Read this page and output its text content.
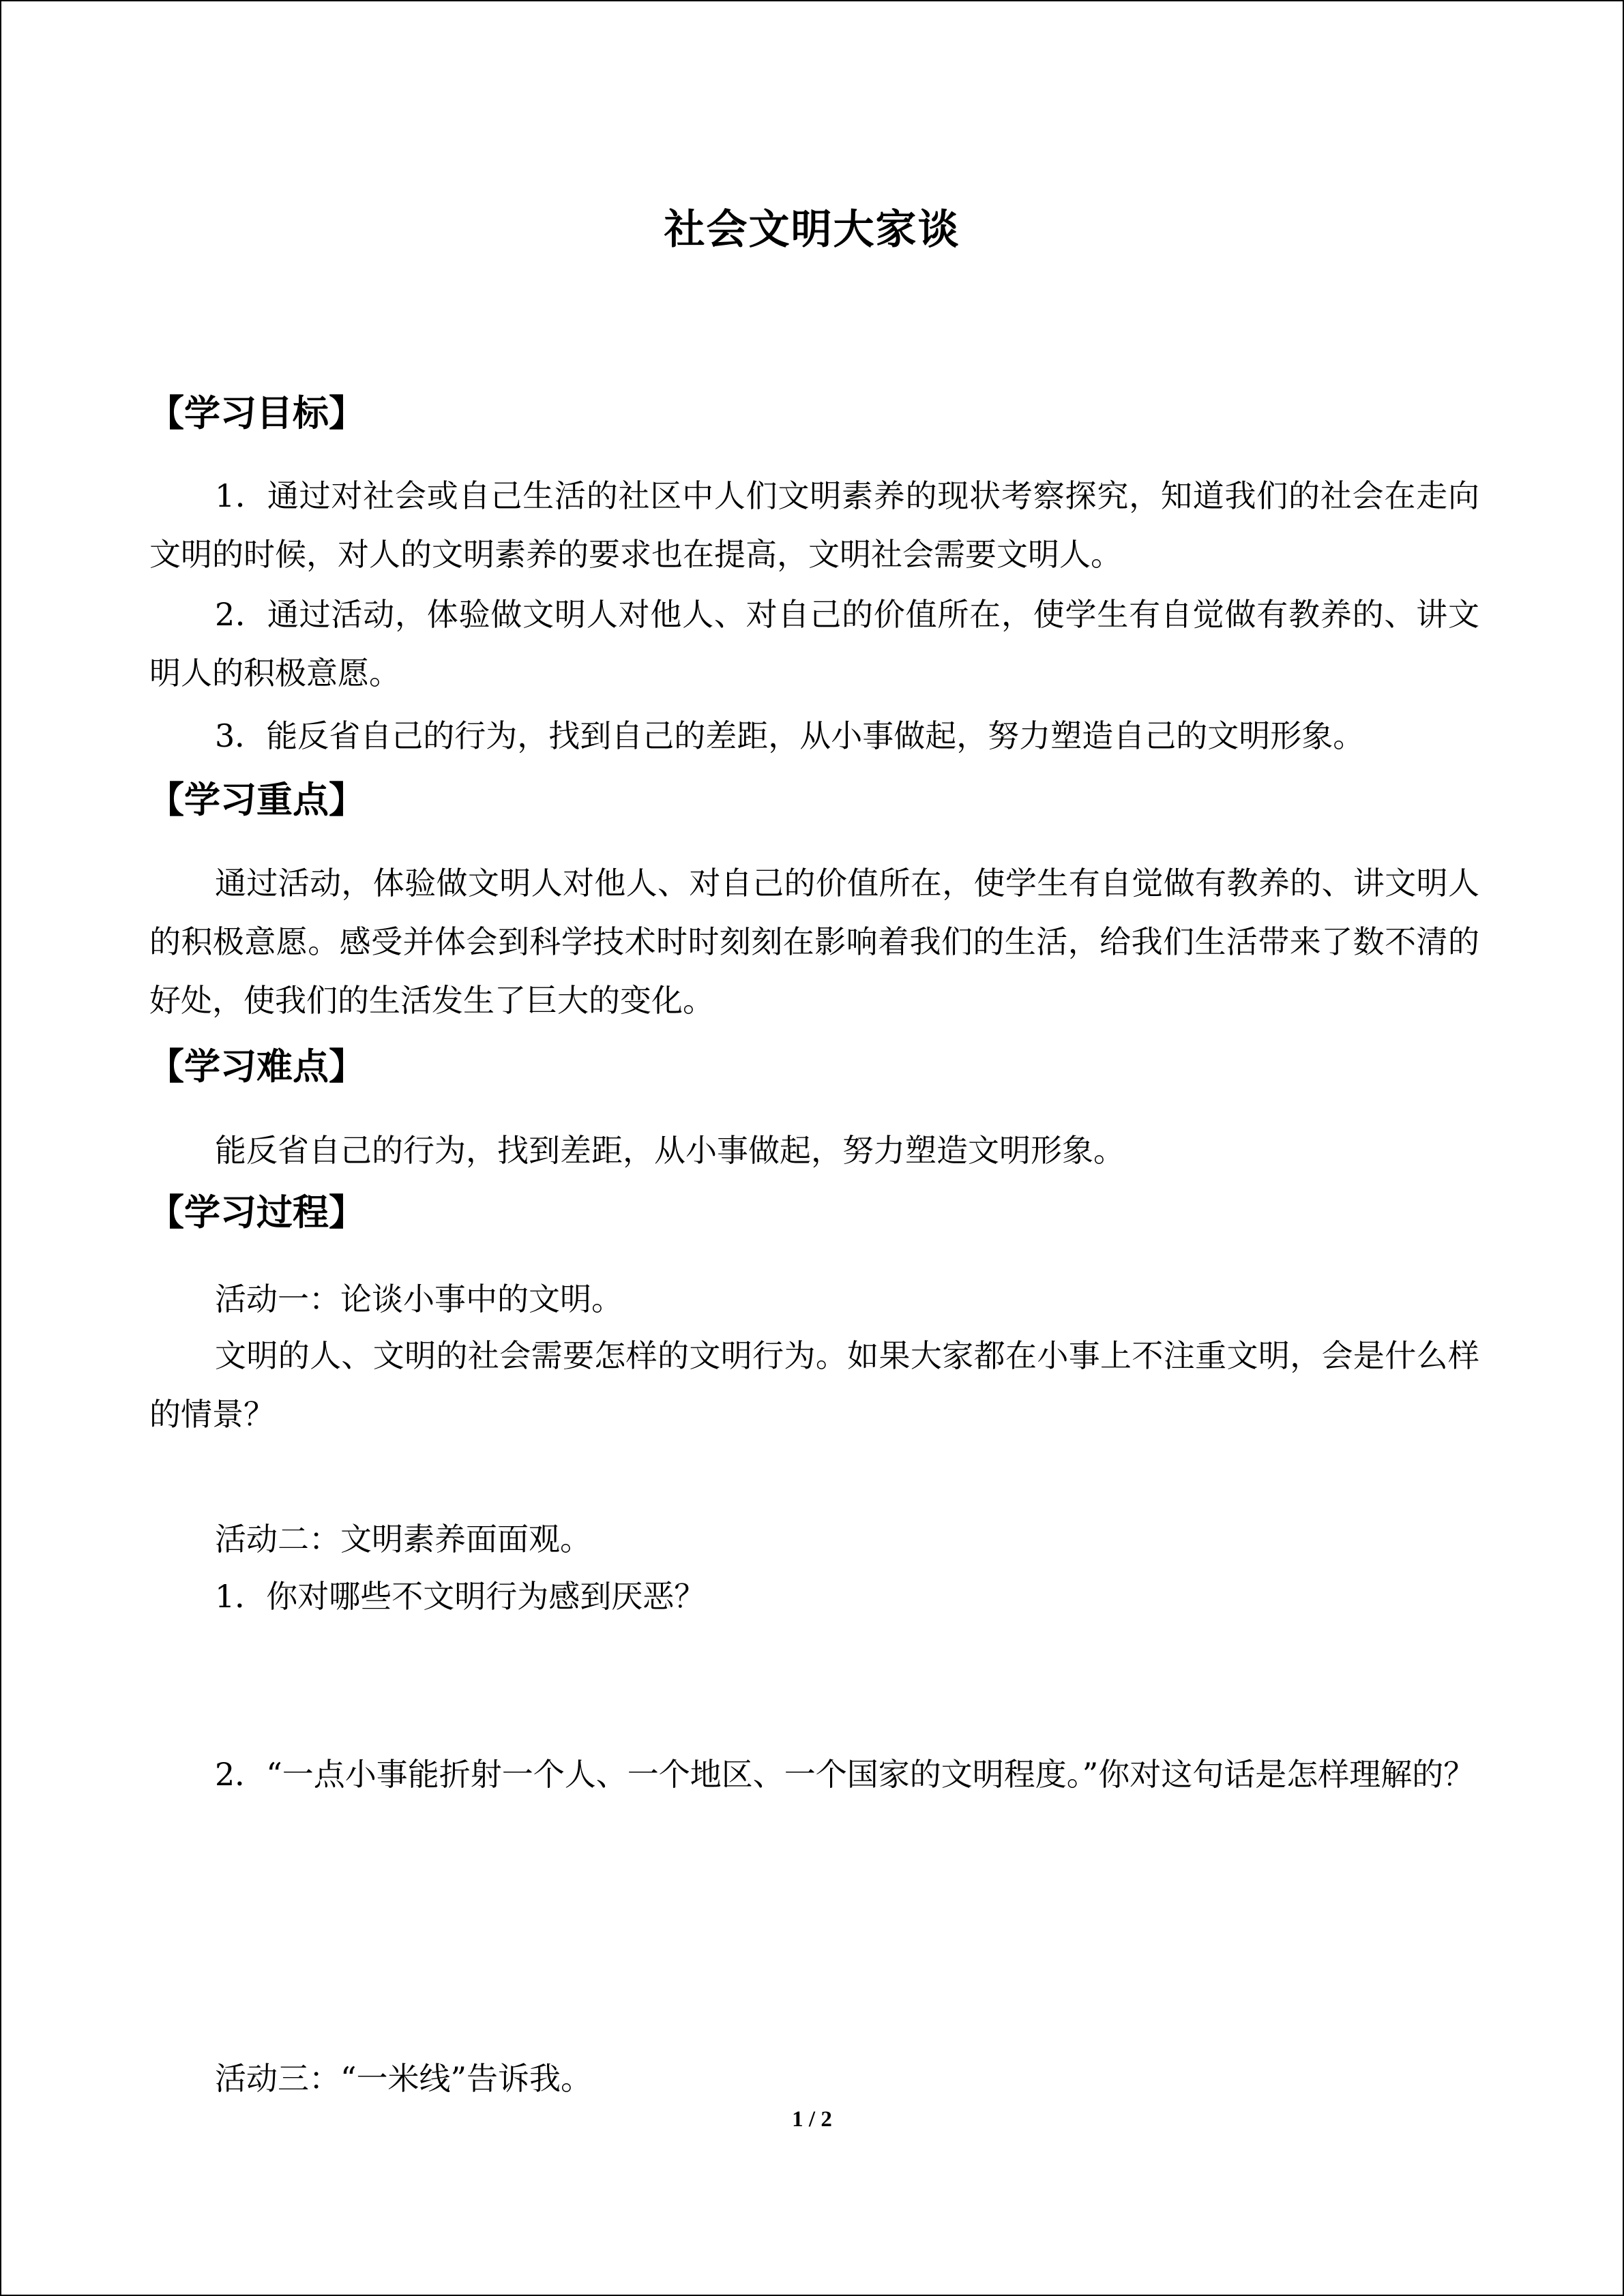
社会文明大家谈
【学习目标】
1．通过对社会或自己生活的社区中人们文明素养的现状考察探究，知道我们的社会在走向文明的时候，对人的文明素养的要求也在提高，文明社会需要文明人。
2．通过活动，体验做文明人对他人、对自己的价值所在，使学生有自觉做有教养的、讲文明人的积极意愿。
3．能反省自己的行为，找到自己的差距，从小事做起，努力塑造自己的文明形象。
【学习重点】
通过活动，体验做文明人对他人、对自己的价值所在，使学生有自觉做有教养的、讲文明人的积极意愿。感受并体会到科学技术时时刻刻在影响着我们的生活，给我们生活带来了数不清的好处，使我们的生活发生了巨大的变化。
【学习难点】
能反省自己的行为，找到差距，从小事做起，努力塑造文明形象。
【学习过程】
活动一：论谈小事中的文明。
文明的人、文明的社会需要怎样的文明行为。如果大家都在小事上不注重文明，会是什么样的情景？
活动二：文明素养面面观。
1．你对哪些不文明行为感到厌恶？
2．“一点小事能折射一个人、一个地区、一个国家的文明程度。”你对这句话是怎样理解的？
活动三：“一米线”告诉我。
1 / 2
